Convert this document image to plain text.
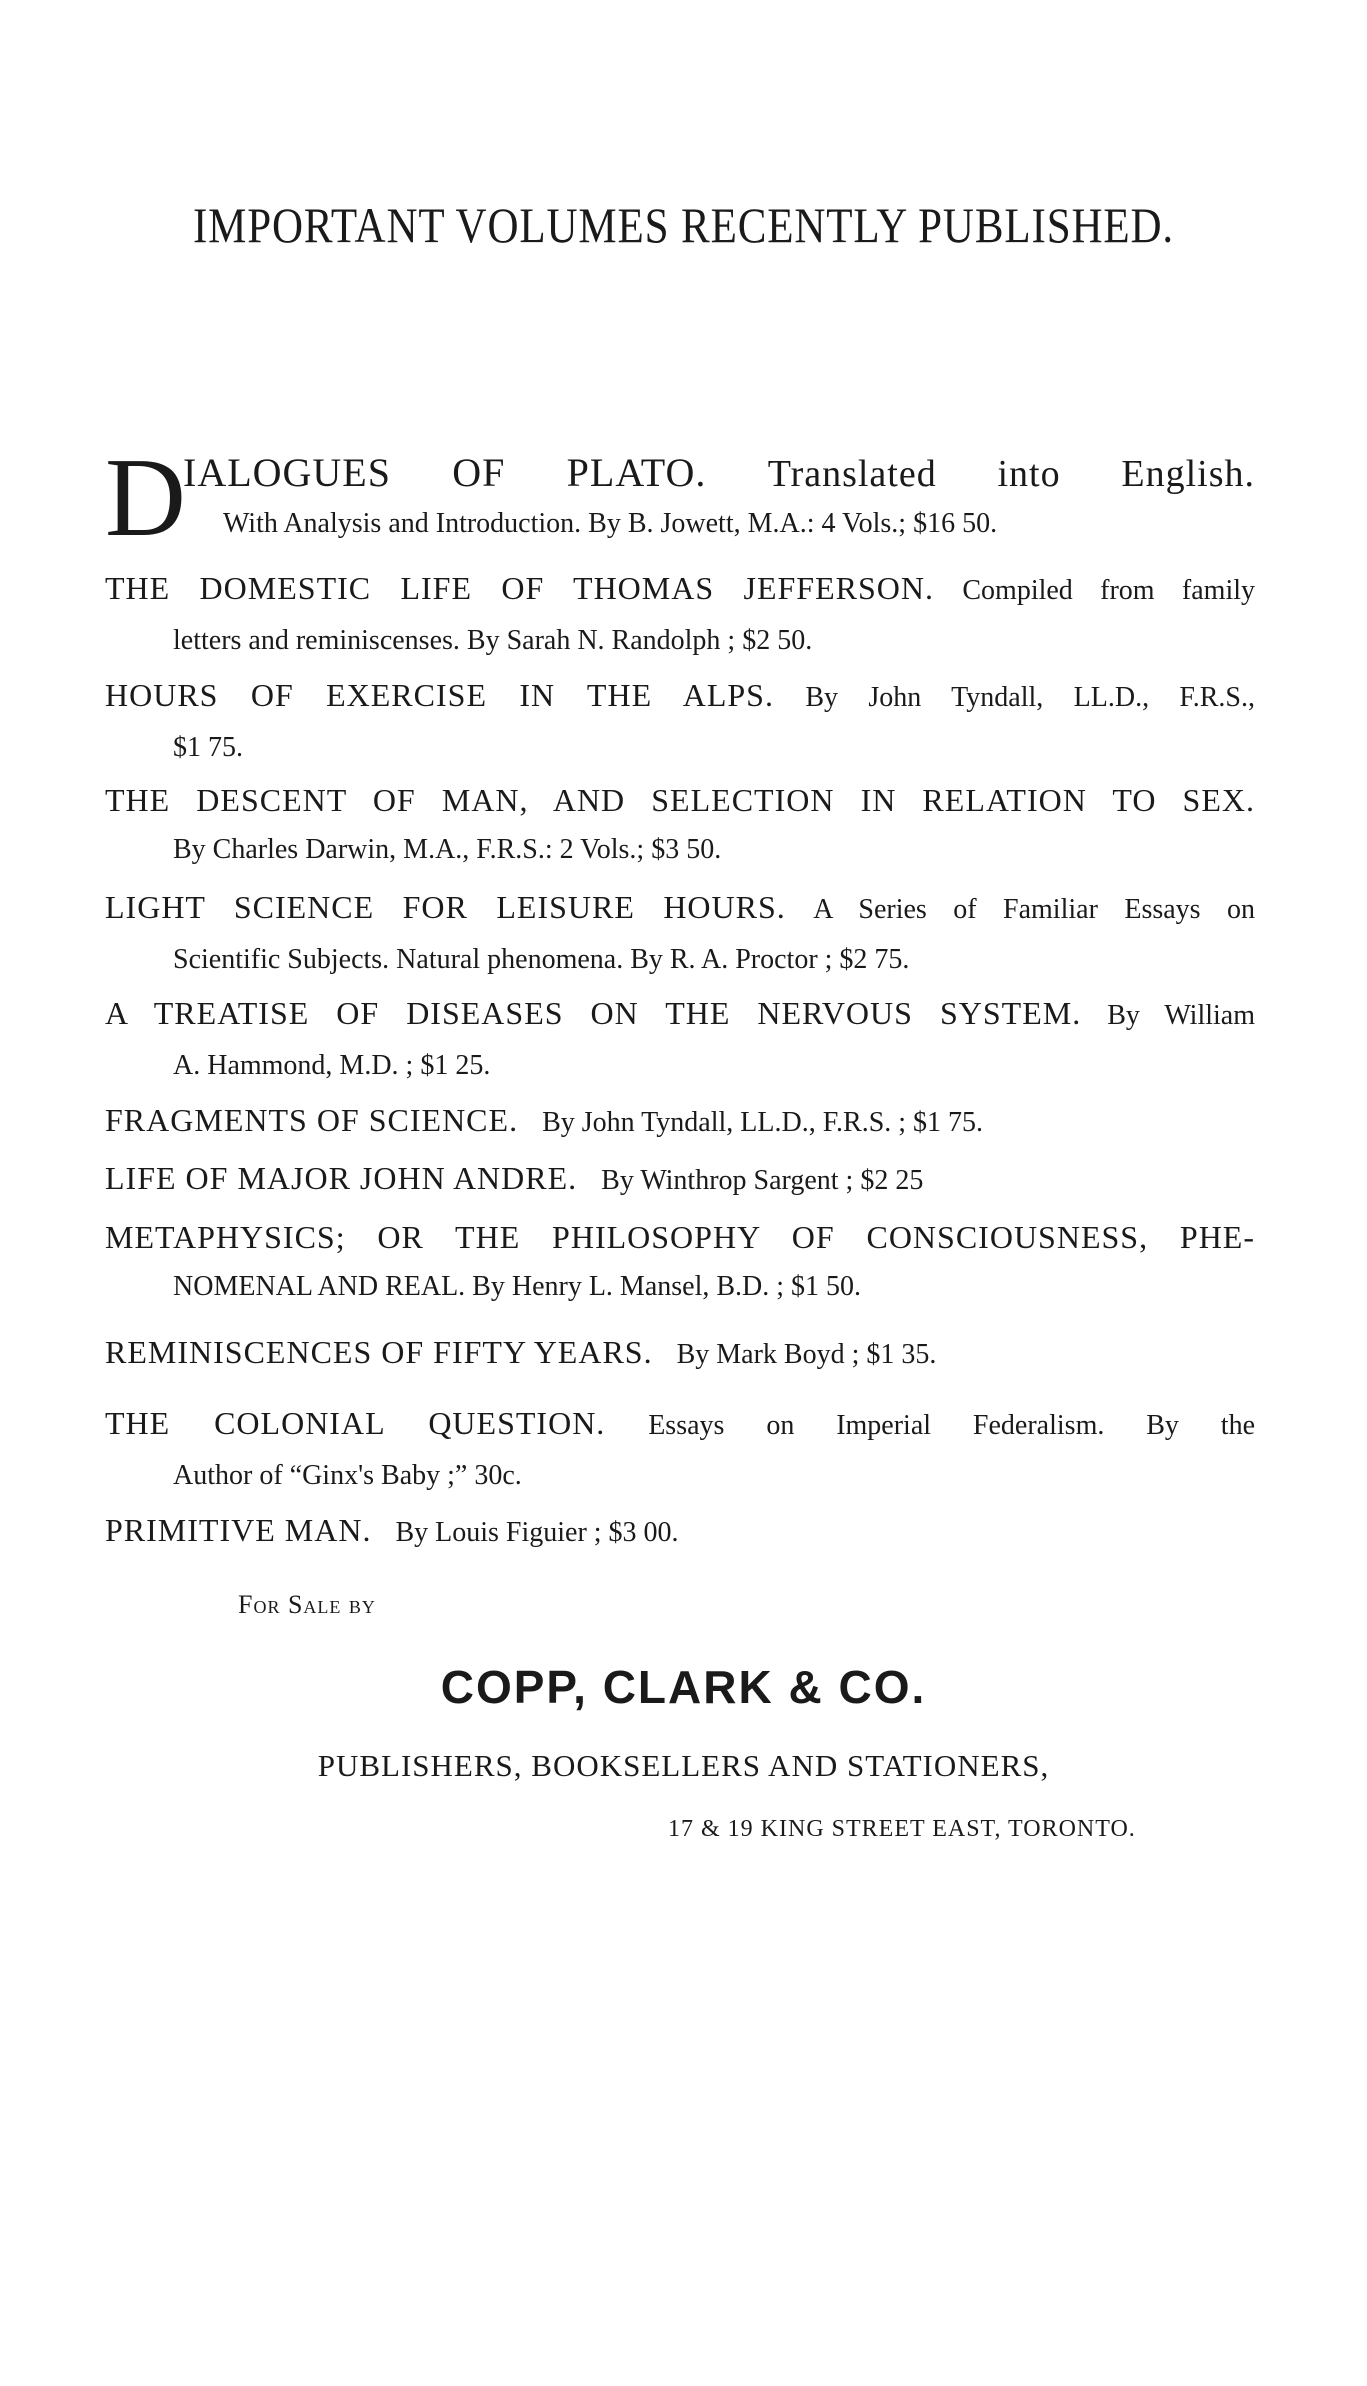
IMPORTANT VOLUMES RECENTLY PUBLISHED.
D
IALOGUES OF PLATO. Translated into English.
With Analysis and Introduction. By B. Jowett, M.A.: 4 Vols.; $16 50.
THE DOMESTIC LIFE OF THOMAS JEFFERSON. Compiled from family
letters and reminiscenses. By Sarah N. Randolph ; $2 50.
HOURS OF EXERCISE IN THE ALPS. By John Tyndall, LL.D., F.R.S.,
$1 75.
THE DESCENT OF MAN, AND SELECTION IN RELATION TO SEX.
By Charles Darwin, M.A., F.R.S.: 2 Vols.; $3 50.
LIGHT SCIENCE FOR LEISURE HOURS. A Series of Familiar Essays on
Scientific Subjects. Natural phenomena. By R. A. Proctor ; $2 75.
A TREATISE OF DISEASES ON THE NERVOUS SYSTEM. By William
A. Hammond, M.D. ; $1 25.
FRAGMENTS OF SCIENCE. By John Tyndall, LL.D., F.R.S. ; $1 75.
LIFE OF MAJOR JOHN ANDRE. By Winthrop Sargent ; $2 25
METAPHYSICS; OR THE PHILOSOPHY OF CONSCIOUSNESS, PHE-
NOMENAL AND REAL. By Henry L. Mansel, B.D. ; $1 50.
REMINISCENCES OF FIFTY YEARS. By Mark Boyd ; $1 35.
THE COLONIAL QUESTION. Essays on Imperial Federalism. By the
Author of “Ginx's Baby ;” 30c.
PRIMITIVE MAN. By Louis Figuier ; $3 00.
For Sale by
COPP, CLARK & CO.
PUBLISHERS, BOOKSELLERS AND STATIONERS,
17 & 19 KING STREET EAST, TORONTO.
